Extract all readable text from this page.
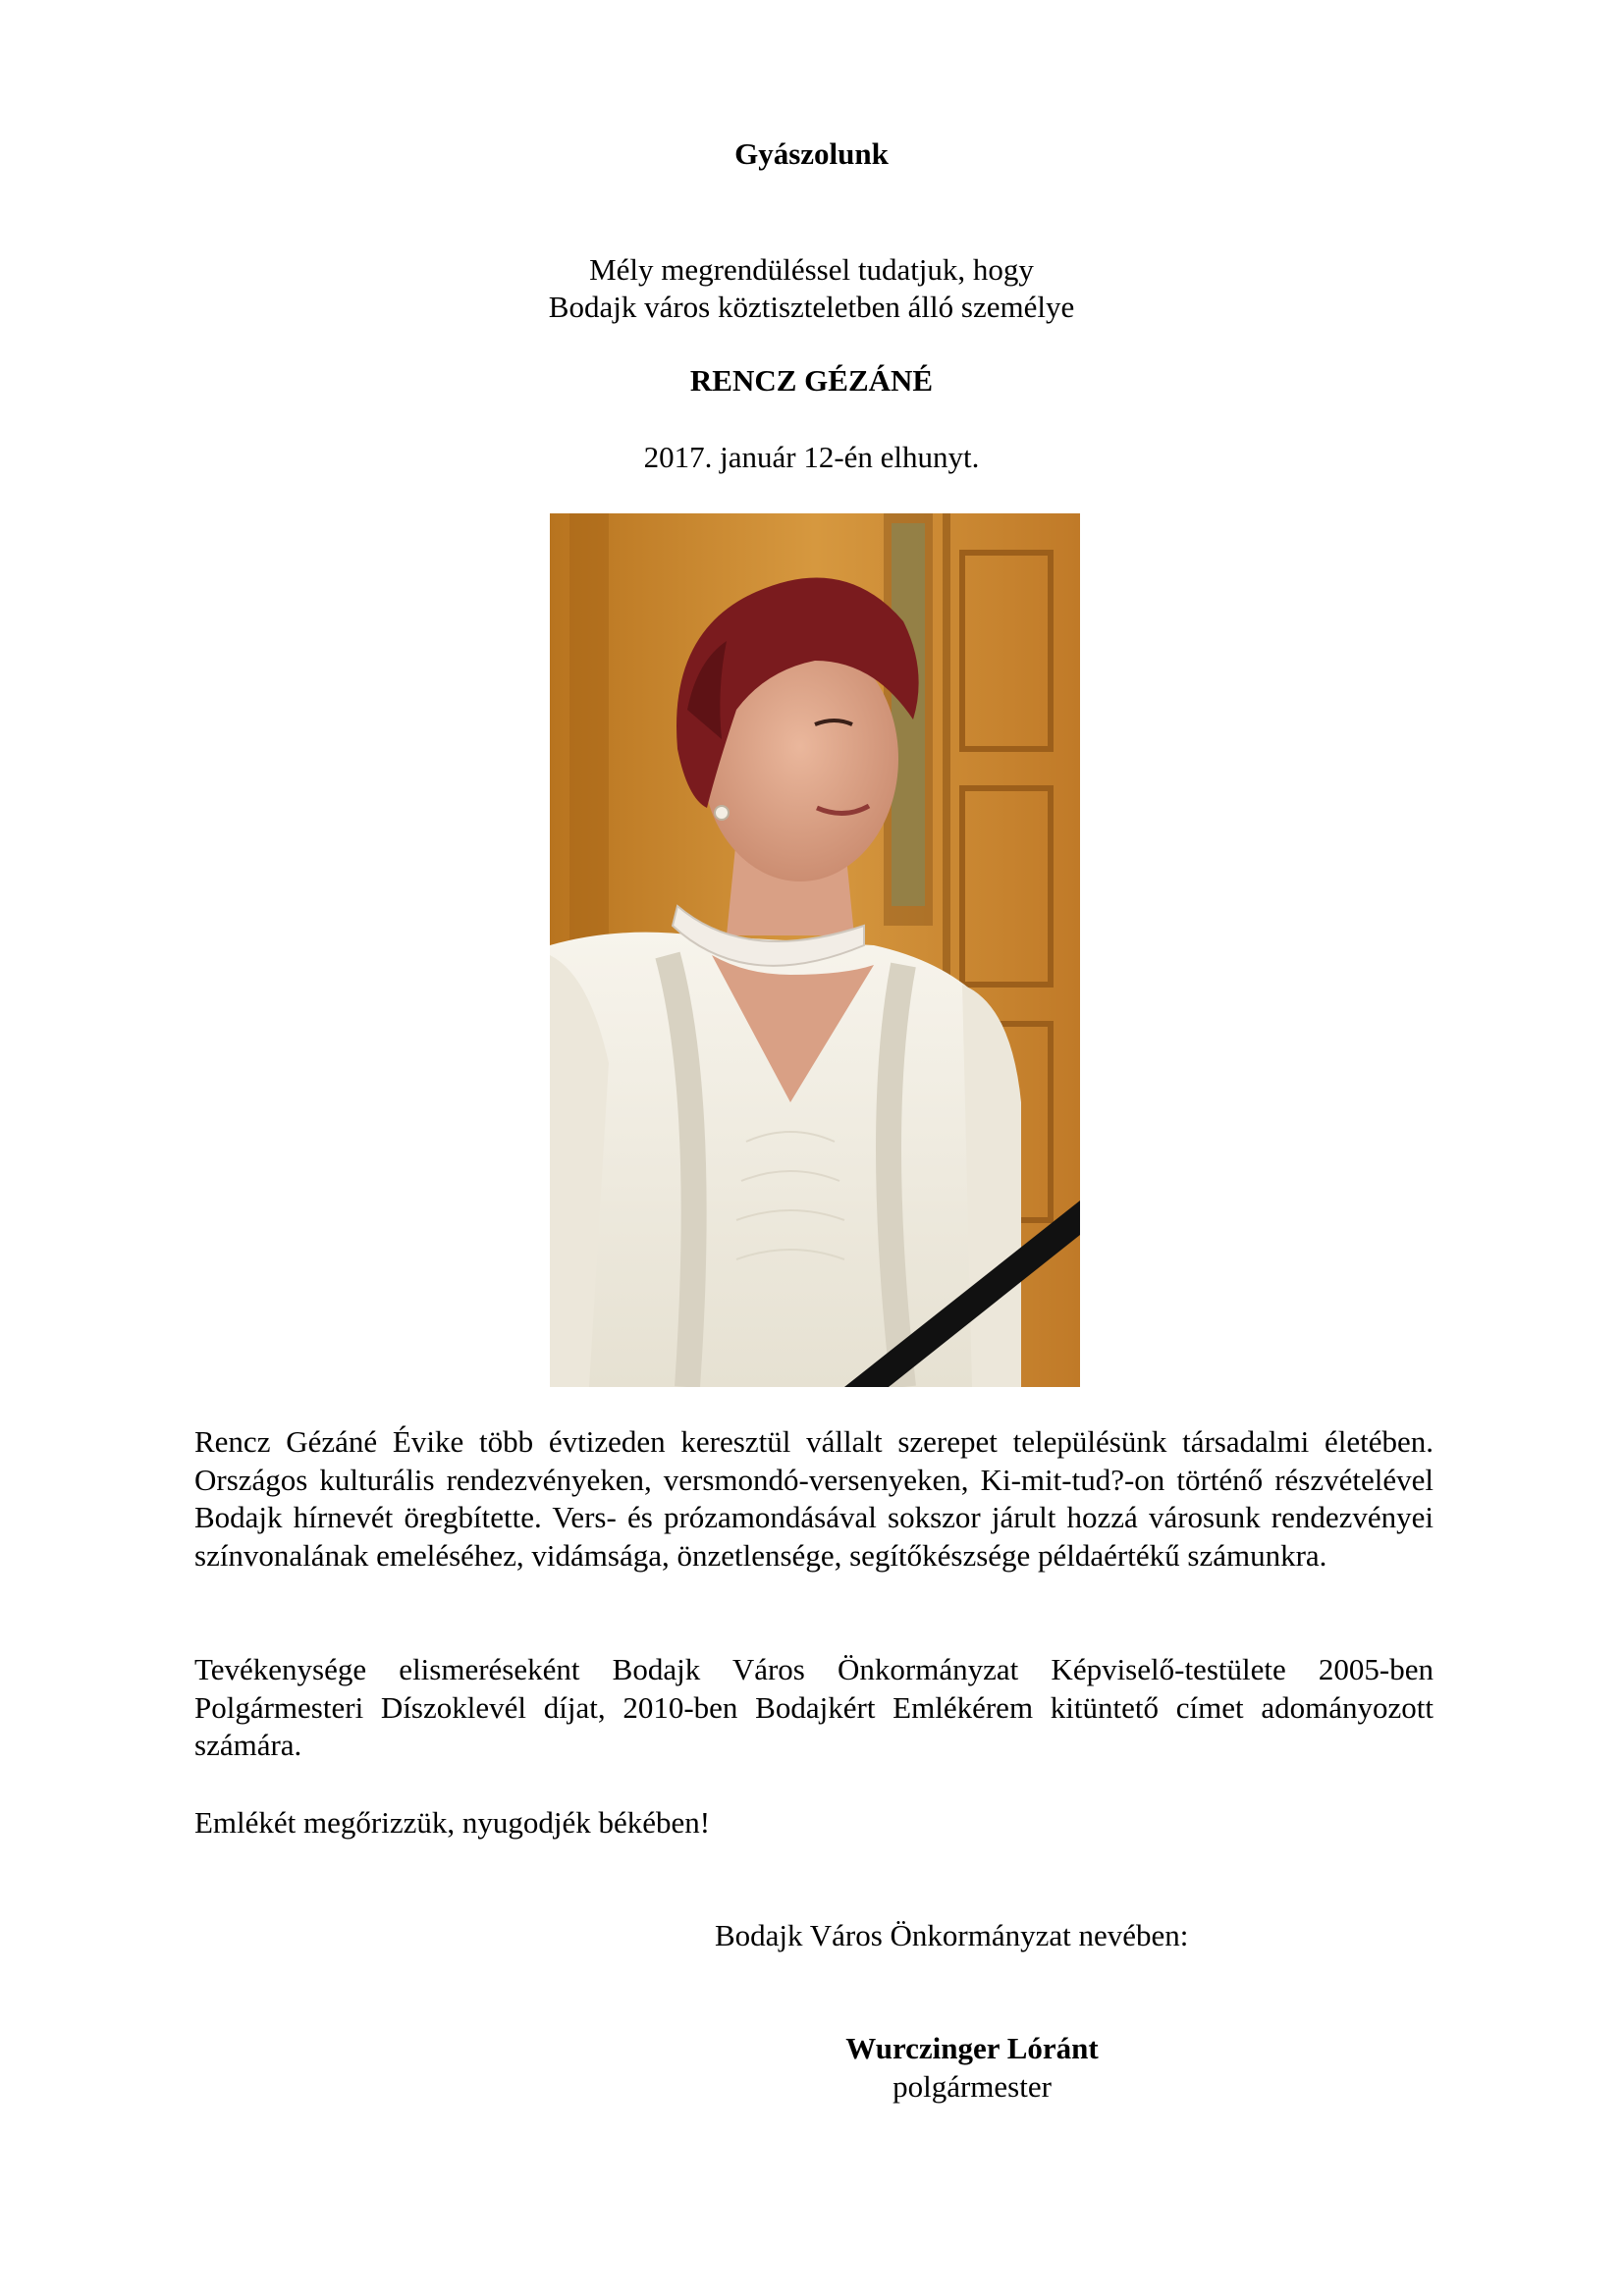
Gyászolunk
Mély megrendüléssel tudatjuk, hogy
Bodajk város köztiszteletben álló személye
RENCZ GÉZÁNÉ
2017. január 12-én elhunyt.
Rencz Gézáné Évike több évtizeden keresztül vállalt szerepet településünk társadalmi életében. Országos kulturális rendezvényeken, versmondó-versenyeken, Ki-mit-tud?-on történő részvételével Bodajk hírnevét öregbítette. Vers- és prózamondásával sokszor járult hozzá városunk rendezvényei színvonalának emeléséhez, vidámsága, önzetlensége, segítőkészsége példaértékű számunkra.
Tevékenysége elismeréseként Bodajk Város Önkormányzat Képviselő-testülete 2005-ben Polgármesteri Díszoklevél díjat, 2010-ben Bodajkért Emlékérem kitüntető címet adományozott számára.
Emlékét megőrizzük, nyugodjék békében!
Bodajk Város Önkormányzat nevében:
Wurczinger Lóránt
polgármester
